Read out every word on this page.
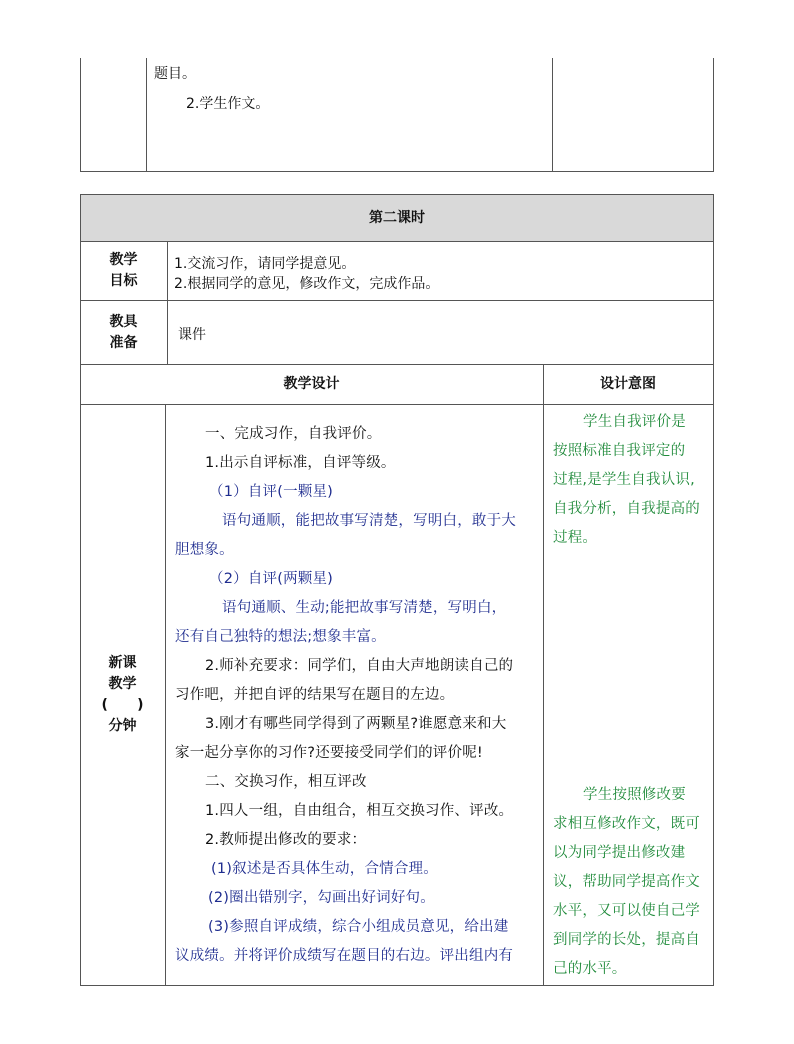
题目。
2.学生作文。
第二课时
教学
目标
1.交流习作，请同学提意见。
2.根据同学的意见，修改作文，完成作品。
教具
准备	课件
教学设计	设计意图
新课
教学
(      )
分钟
一、完成习作，自我评价。
1.出示自评标准，自评等级。
（1）自评(一颗星)
语句通顺，能把故事写清楚，写明白，敢于大
胆想象。
（2）自评(两颗星)
语句通顺、生动;能把故事写清楚，写明白，
还有自己独特的想法;想象丰富。
2.师补充要求：同学们，自由大声地朗读自己的
习作吧，并把自评的结果写在题目的左边。
3.刚才有哪些同学得到了两颗星?谁愿意来和大
家一起分享你的习作?还要接受同学们的评价呢!
二、交换习作，相互评改
1.四人一组，自由组合，相互交换习作、评改。
2.教师提出修改的要求：
(1)叙述是否具体生动，合情合理。
(2)圈出错别字，勾画出好词好句。
(3)参照自评成绩，综合小组成员意见，给出建
议成绩。并将评价成绩写在题目的右边。评出组内有
学生自我评价是
按照标准自我评定的
过程,是学生自我认识,
自我分析，自我提高的
过程。
学生按照修改要
求相互修改作文，既可
以为同学提出修改建
议，帮助同学提高作文
水平，又可以使自己学
到同学的长处，提高自
己的水平。
